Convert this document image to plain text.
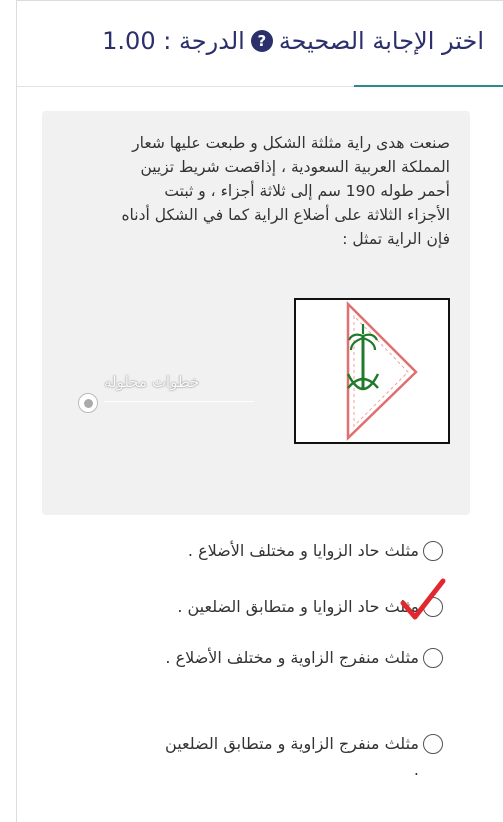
اختر الإجابة الصحيحة
?
الدرجة : 1.00
صنعت هدى راية مثلثة الشكل و طبعت عليها شعار المملكة العربية السعودية ، إذاقصت شريط تزيين أحمر طوله 190 سم إلى ثلاثة أجزاء ، و ثبتت الأجزاء الثلاثة على أضلاع الراية كما في الشكل أدناه فإن الراية تمثل :
خطوات محلوله
مثلث حاد الزوايا و مختلف الأضلاع .
مثلث حاد الزوايا و متطابق الضلعين .
مثلث منفرج الزاوية و مختلف الأضلاع .
مثلث منفرج الزاوية و متطابق الضلعين .
